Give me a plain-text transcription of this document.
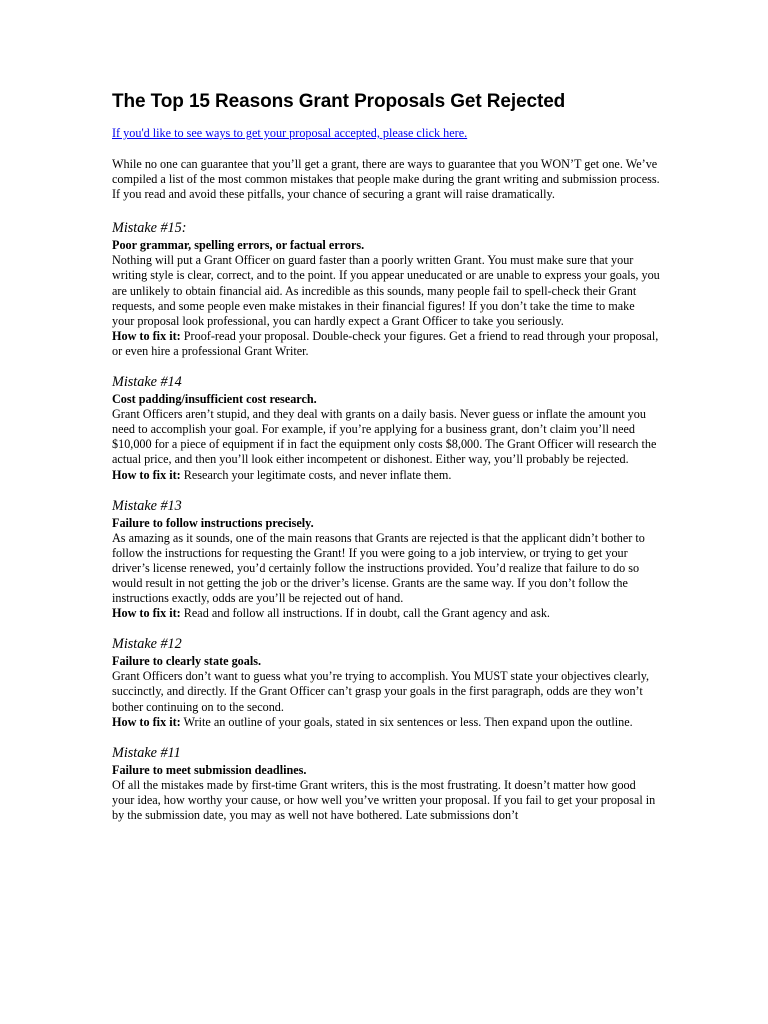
The Top 15 Reasons Grant Proposals Get Rejected
If you'd like to see ways to get your proposal accepted, please click here.

While no one can guarantee that you’ll get a grant, there are ways to guarantee that you WON’T get one. We’ve compiled a list of the most common mistakes that people make during the grant writing and submission process. If you read and avoid these pitfalls, your chance of securing a grant will raise dramatically.

Mistake #15:
Poor grammar, spelling errors, or factual errors.
Nothing will put a Grant Officer on guard faster than a poorly written Grant. You must make sure that your writing style is clear, correct, and to the point. If you appear uneducated or are unable to express your goals, you are unlikely to obtain financial aid. As incredible as this sounds, many people fail to spell-check their Grant requests, and some people even make mistakes in their financial figures! If you don’t take the time to make your proposal look professional, you can hardly expect a Grant Officer to take you seriously.
How to fix it: Proof-read your proposal. Double-check your figures. Get a friend to read through your proposal, or even hire a professional Grant Writer.
Mistake #14
Cost padding/insufficient cost research.
Grant Officers aren’t stupid, and they deal with grants on a daily basis. Never guess or inflate the amount you need to accomplish your goal. For example, if you’re applying for a business grant, don’t claim you’ll need $10,000 for a piece of equipment if in fact the equipment only costs $8,000. The Grant Officer will research the actual price, and then you’ll look either incompetent or dishonest. Either way, you’ll probably be rejected.
How to fix it: Research your legitimate costs, and never inflate them.
Mistake #13
Failure to follow instructions precisely.
As amazing as it sounds, one of the main reasons that Grants are rejected is that the applicant didn’t bother to follow the instructions for requesting the Grant! If you were going to a job interview, or trying to get your driver’s license renewed, you’d certainly follow the instructions provided. You’d realize that failure to do so would result in not getting the job or the driver’s license. Grants are the same way. If you don’t follow the instructions exactly, odds are you’ll be rejected out of hand.
How to fix it: Read and follow all instructions. If in doubt, call the Grant agency and ask.
Mistake #12
Failure to clearly state goals.
Grant Officers don’t want to guess what you’re trying to accomplish. You MUST state your objectives clearly, succinctly, and directly. If the Grant Officer can’t grasp your goals in the first paragraph, odds are they won’t bother continuing on to the second.
How to fix it: Write an outline of your goals, stated in six sentences or less. Then expand upon the outline.
Mistake #11
Failure to meet submission deadlines.
Of all the mistakes made by first-time Grant writers, this is the most frustrating. It doesn’t matter how good your idea, how worthy your cause, or how well you’ve written your proposal. If you fail to get your proposal in by the submission date, you may as well not have bothered. Late submissions don’t
